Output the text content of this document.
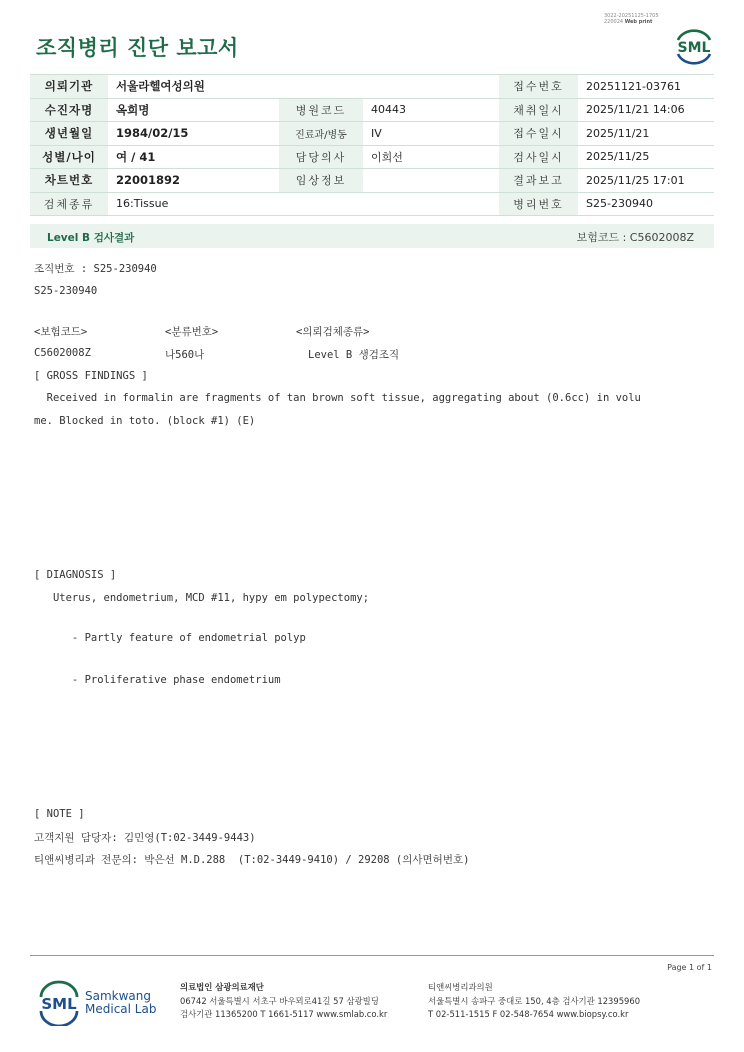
3022-20251125-1705
220024 Web print
조직병리 진단 보고서	SML
의뢰기관	서울라헬여성의원			접수번호	20251121-03761
수진자명	옥희명	병원코드	40443	채취일시	2025/11/21 14:06
생년월일	1984/02/15	진료과/병동	IV	접수일시	2025/11/21
성별/나이	여 / 41	담당의사	이희선	검사일시	2025/11/25
차트번호	22001892	임상정보		결과보고	2025/11/25 17:01
검체종류	16:Tissue			병리번호	S25-230940
Level B 검사결과	보험코드 : C5602008Z
조직번호 : S25-230940
S25-230940
<보험코드>	<분류번호>	<의뢰검체종류>
C5602008Z	나560나	Level B 생검조직
[ GROSS FINDINGS ]
Received in formalin are fragments of tan brown soft tissue, aggregating about (0.6cc) in volu
me. Blocked in toto. (block #1) (E)
[ DIAGNOSIS ]
Uterus, endometrium, MCD #11, hypy em polypectomy;
- Partly feature of endometrial polyp
- Proliferative phase endometrium
[ NOTE ]
고객지원 담당자: 김민영(T:02-3449-9443)
티앤씨병리과 전문의: 박은선 M.D.288  (T:02-3449-9410) / 29208 (의사면허번호)
Page 1 of 1
SML Samkwang
Medical Lab
의료법인 삼광의료재단
06742 서울특별시 서초구 바우뫼로41길 57 삼광빌딩
검사기관 11365200 T 1661-5117 www.smlab.co.kr
티앤씨병리과의원
서울특별시 송파구 중대로 150, 4층 검사기관 12395960
T 02-511-1515 F 02-548-7654 www.biopsy.co.kr
